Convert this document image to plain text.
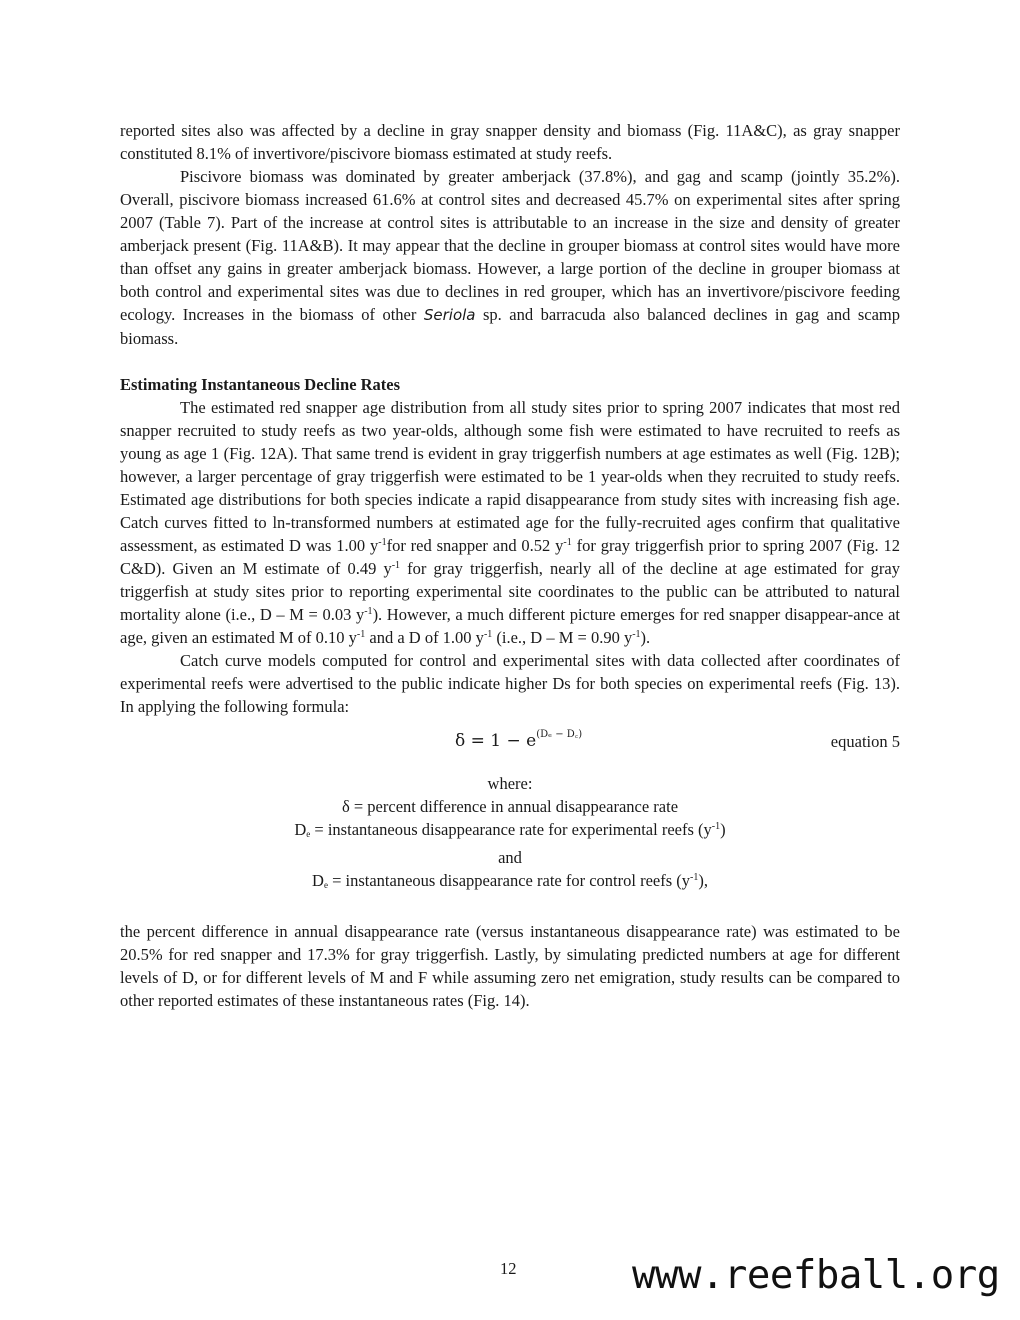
reported sites also was affected by a decline in gray snapper density and biomass (Fig. 11A&C), as gray snapper constituted 8.1% of invertivore/piscivore biomass estimated at study reefs.

Piscivore biomass was dominated by greater amberjack (37.8%), and gag and scamp (jointly 35.2%). Overall, piscivore biomass increased 61.6% at control sites and decreased 45.7% on experimental sites after spring 2007 (Table 7). Part of the increase at control sites is attributable to an increase in the size and density of greater amberjack present (Fig. 11A&B). It may appear that the decline in grouper biomass at control sites would have more than offset any gains in greater amberjack biomass. However, a large portion of the decline in grouper biomass at both control and experimental sites was due to declines in red grouper, which has an invertivore/piscivore feeding ecology. Increases in the biomass of other Seriola sp. and barracuda also balanced declines in gag and scamp biomass.

Estimating Instantaneous Decline Rates

The estimated red snapper age distribution from all study sites prior to spring 2007 indicates that most red snapper recruited to study reefs as two year-olds, although some fish were estimated to have recruited to reefs as young as age 1 (Fig. 12A). That same trend is evident in gray triggerfish numbers at age estimates as well (Fig. 12B); however, a larger percentage of gray triggerfish were estimated to be 1 year-olds when they recruited to study reefs. Estimated age distributions for both species indicate a rapid disappearance from study sites with increasing fish age. Catch curves fitted to ln-transformed numbers at estimated age for the fully-recruited ages confirm that qualitative assessment, as estimated D was 1.00 $y^{-1}for$ red snapper and 0.52 $y^{-1}$ for gray triggerfish prior to spring 2007 (Fig. 12 C&D). Given an M estimate of 0.49 $y^{-1}$ for gray triggerfish, nearly all of the decline at age estimated for gray triggerfish at study sites prior to reporting experimental site coordinates to the public can be attributed to natural mortality alone (i.e., D – M = 0.03 $y^{-1}$). However, a much different picture emerges for red snapper disappear-ance at age, given an estimated M of 0.10 $y^{-1}$ and a D of 1.00 $y^{-1}$ (i.e., D – M = 0.90 $y^{-1}$).

Catch curve models computed for control and experimental sites with data collected after coordinates of experimental reefs were advertised to the public indicate higher Ds for both species on experimental reefs (Fig. 13). In applying the following formula:

$\delta = 1 - e^{(D_e - D꜀)}$	equation 5
where:
δ = percent difference in annual disappearance rate
$D_e$ = instantaneous disappearance rate for experimental reefs $(y^{-1})$
and
$D_e$ = instantaneous disappearance rate for control reefs $(y^{-1})$,

the percent difference in annual disappearance rate (versus instantaneous disappearance rate) was estimated to be 20.5% for red snapper and 17.3% for gray triggerfish. Lastly, by simulating predicted numbers at age for different levels of D, or for different levels of M and F while assuming zero net emigration, study results can be compared to other reported estimates of these instantaneous rates (Fig. 14).

12	www.reefball.org
